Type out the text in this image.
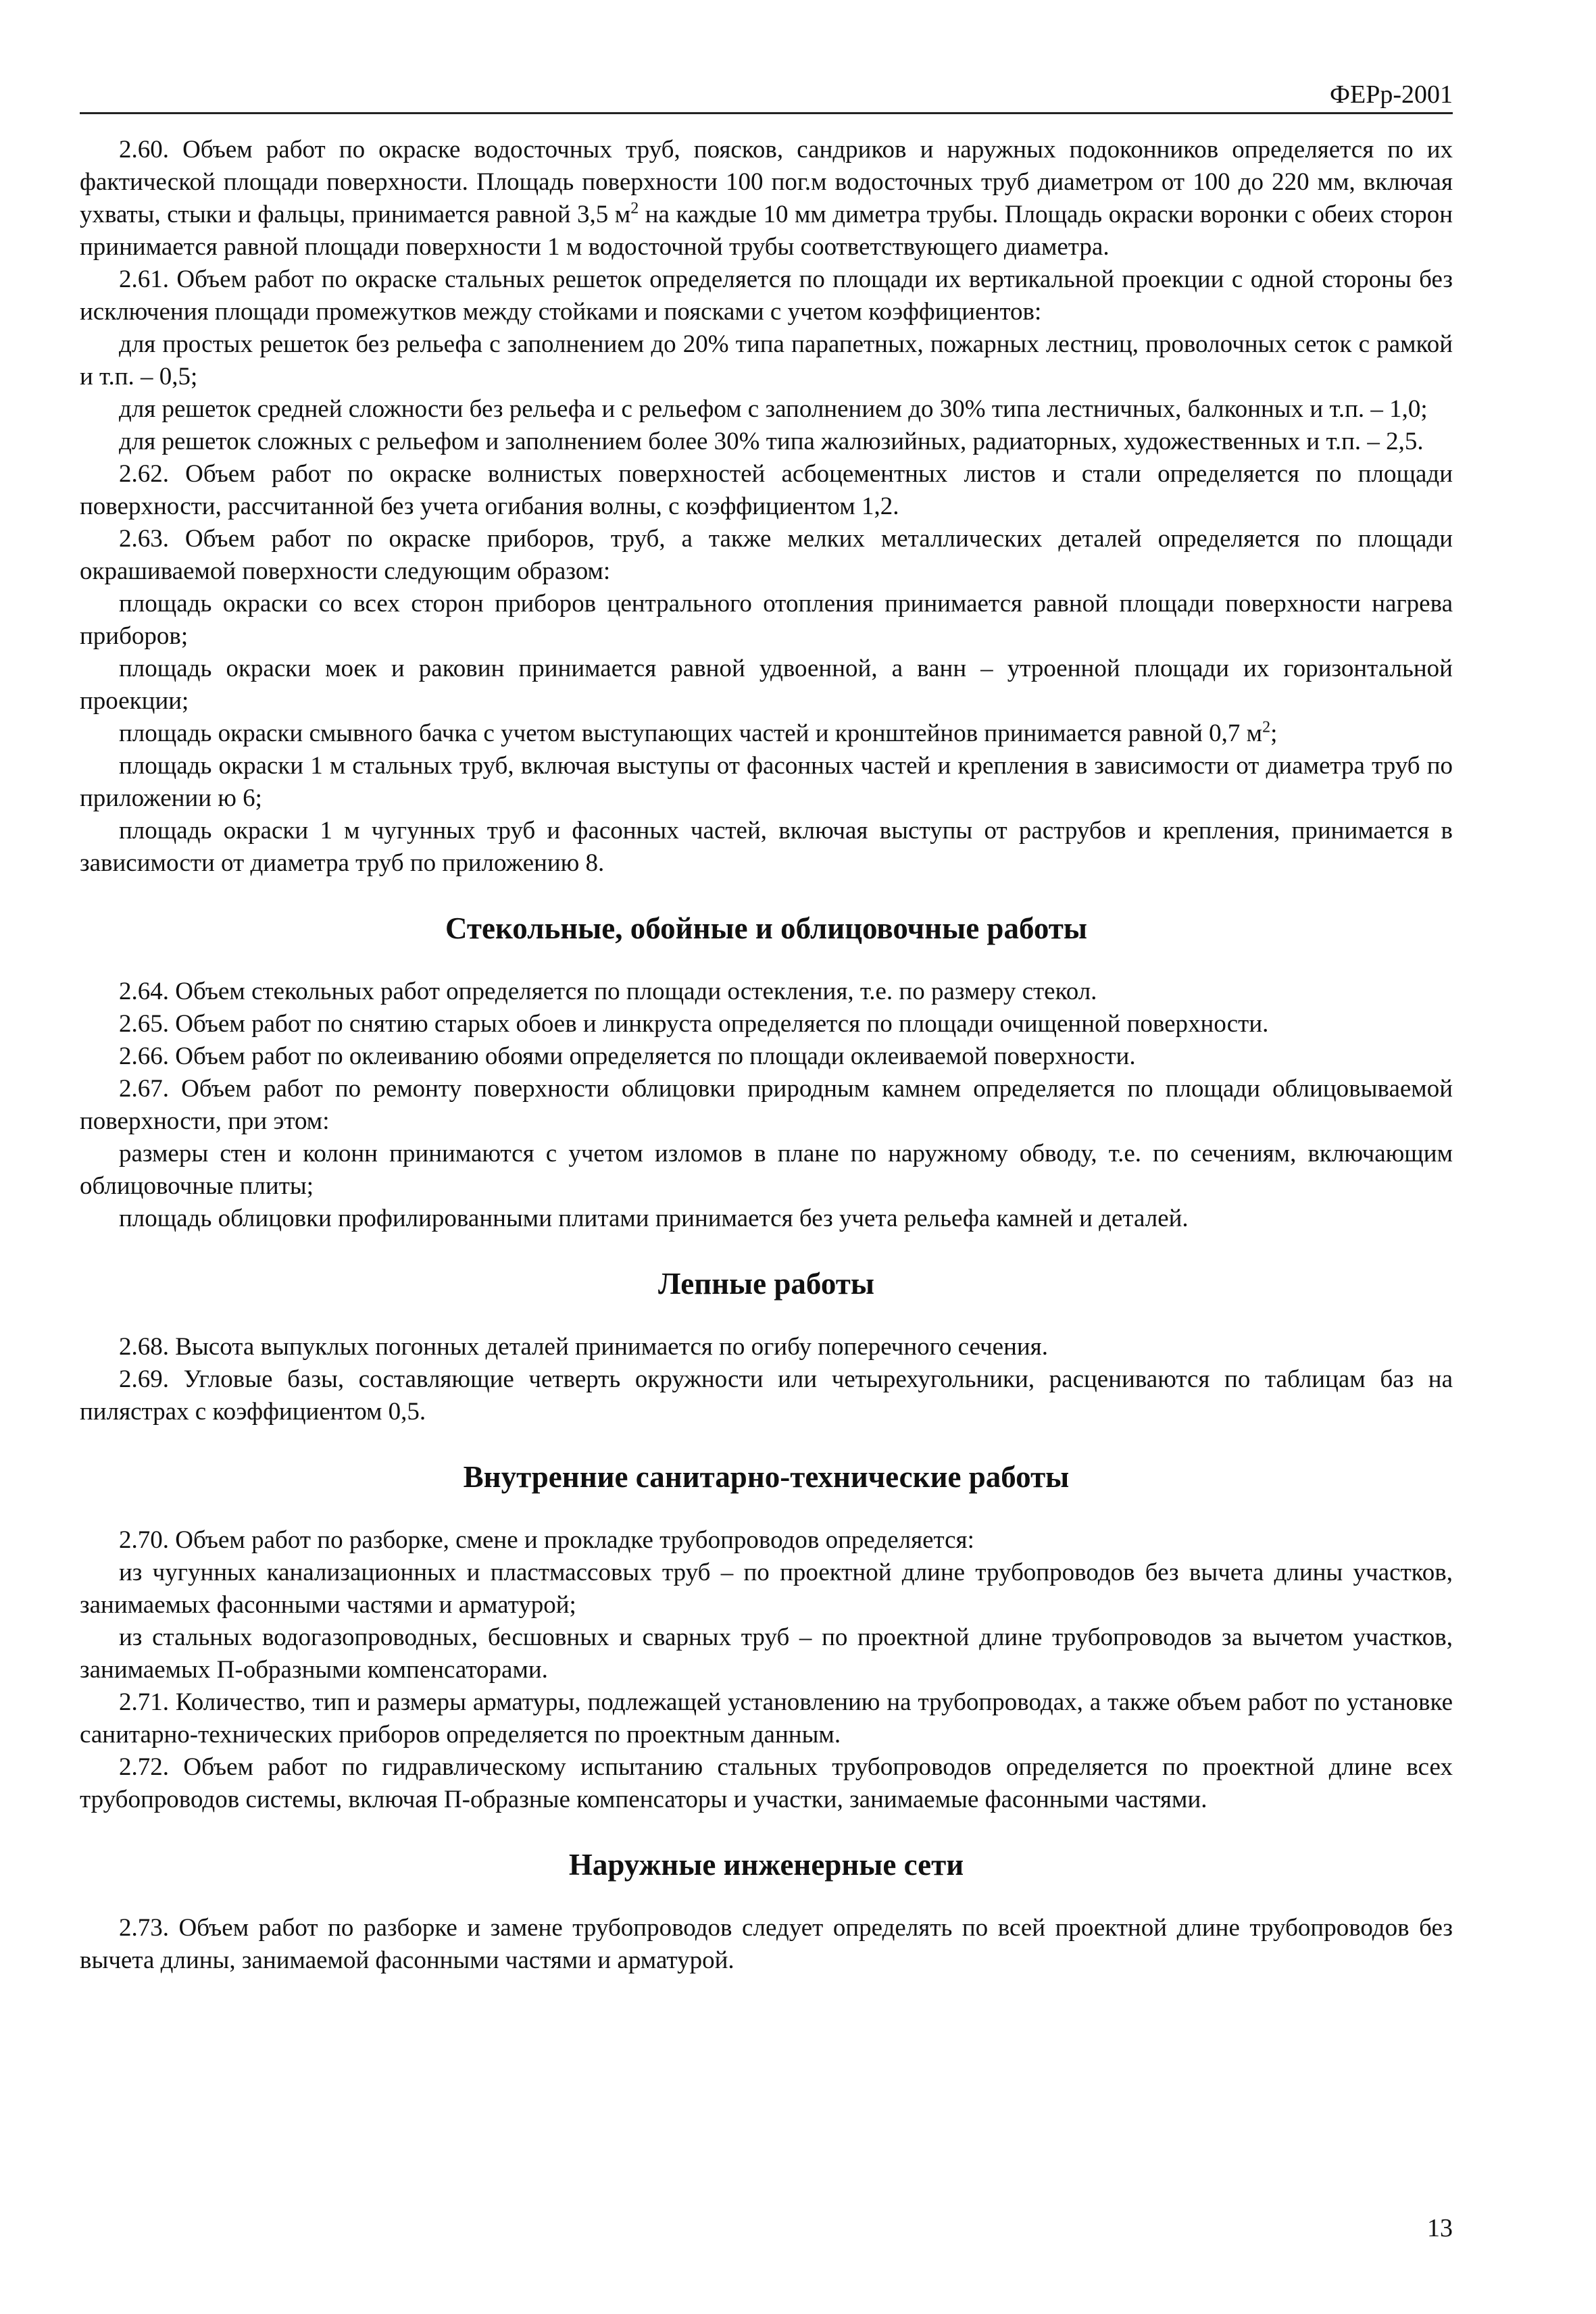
ФЕРр-2001

2.60. Объем работ по окраске водосточных труб, поясков, сандриков и наружных подоконников определяется по их фактической площади поверхности. Площадь поверхности 100 пог.м водосточных труб диаметром от 100 до 220 мм, включая ухваты, стыки и фальцы, принимается равной 3,5 $м^2$ на каждые 10 мм диметра трубы. Площадь окраски воронки с обеих сторон принимается равной площади поверхности 1 м водосточной трубы соответствующего диаметра.

2.61. Объем работ по окраске стальных решеток определяется по площади их вертикальной проекции с одной стороны без исключения площади промежутков между стойками и поясками с учетом коэффициентов:

для простых решеток без рельефа с заполнением до 20% типа парапетных, пожарных лестниц, проволочных сеток с рамкой и т.п. – 0,5;

для решеток средней сложности без рельефа и с рельефом с заполнением до 30% типа лестничных, балконных и т.п. – 1,0;

для решеток сложных с рельефом и заполнением более 30% типа жалюзийных, радиаторных, художественных и т.п. – 2,5.

2.62. Объем работ по окраске волнистых поверхностей асбоцементных листов и стали определяется по площади поверхности, рассчитанной без учета огибания волны, с коэффициентом 1,2.

2.63. Объем работ по окраске приборов, труб, а также мелких металлических деталей определяется по площади окрашиваемой поверхности следующим образом:

площадь окраски со всех сторон приборов центрального отопления принимается равной площади поверхности нагрева приборов;

площадь окраски моек и раковин принимается равной удвоенной, а ванн – утроенной площади их горизонтальной проекции;

площадь окраски смывного бачка с учетом выступающих частей и кронштейнов принимается равной 0,7 $м^2$;

площадь окраски 1 м стальных труб, включая выступы от фасонных частей и крепления в зависимости от диаметра труб по приложении ю 6;

площадь окраски 1 м чугунных труб и фасонных частей, включая выступы от раструбов и крепления, принимается в зависимости от диаметра труб по приложению 8.

Стекольные, обойные и облицовочные работы

2.64. Объем стекольных работ определяется по площади остекления, т.е. по размеру стекол.

2.65. Объем работ по снятию старых обоев и линкруста определяется по площади очищенной поверхности.

2.66. Объем работ по оклеиванию обоями определяется по площади оклеиваемой поверхности.

2.67. Объем работ по ремонту поверхности облицовки природным камнем определяется по площади облицовываемой поверхности, при этом:

размеры стен и колонн принимаются с учетом изломов в плане по наружному обводу, т.е. по сечениям, включающим облицовочные плиты;

площадь облицовки профилированными плитами принимается без учета рельефа камней и деталей.

Лепные работы

2.68. Высота выпуклых погонных деталей принимается по огибу поперечного сечения.

2.69. Угловые базы, составляющие четверть окружности или четырехугольники, расцениваются по таблицам баз на пилястрах с коэффициентом 0,5.

Внутренние санитарно-технические работы

2.70. Объем работ по разборке, смене и прокладке трубопроводов определяется:

из чугунных канализационных и пластмассовых труб – по проектной длине трубопроводов без вычета длины участков, занимаемых фасонными частями и арматурой;

из стальных водогазопроводных, бесшовных и сварных труб – по проектной длине трубопроводов за вычетом участков, занимаемых П-образными компенсаторами.

2.71. Количество, тип и размеры арматуры, подлежащей установлению на трубопроводах, а также объем работ по установке санитарно-технических приборов определяется по проектным данным.

2.72. Объем работ по гидравлическому испытанию стальных трубопроводов определяется по проектной длине всех трубопроводов системы, включая П-образные компенсаторы и участки, занимаемые фасонными частями.

Наружные инженерные сети

2.73. Объем работ по разборке и замене трубопроводов следует определять по всей проектной длине трубопроводов без вычета длины, занимаемой фасонными частями и арматурой.

13
